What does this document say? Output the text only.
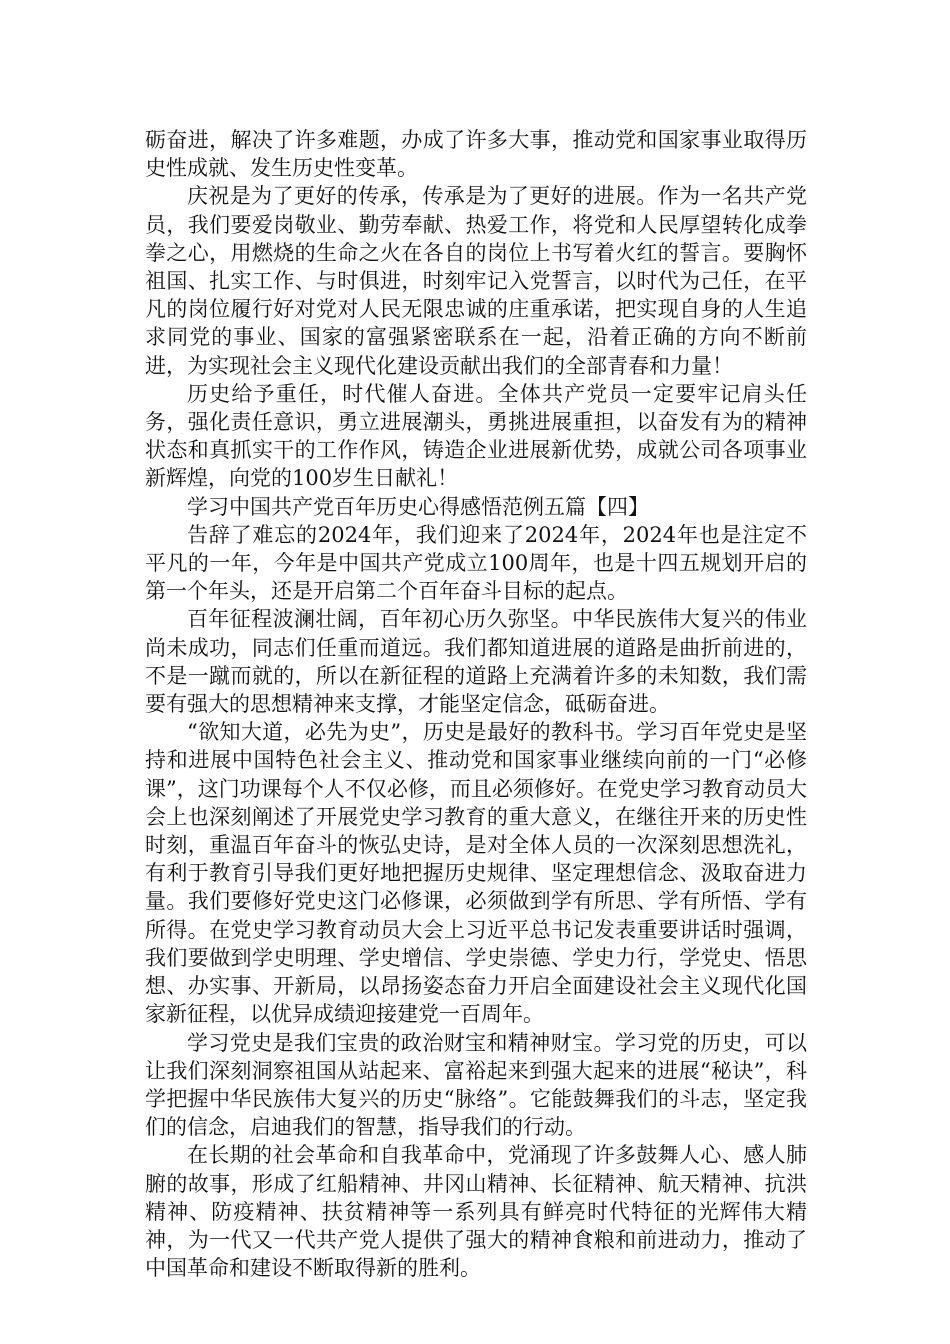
砺奋进，解决了许多难题，办成了许多大事，推动党和国家事业取得历史性成就、发生历史性变革。

庆祝是为了更好的传承，传承是为了更好的进展。作为一名共产党员，我们要爱岗敬业、勤劳奉献、热爱工作，将党和人民厚望转化成拳拳之心，用燃烧的生命之火在各自的岗位上书写着火红的誓言。要胸怀祖国、扎实工作、与时俱进，时刻牢记入党誓言，以时代为己任，在平凡的岗位履行好对党对人民无限忠诚的庄重承诺，把实现自身的人生追求同党的事业、国家的富强紧密联系在一起，沿着正确的方向不断前进，为实现社会主义现代化建设贡献出我们的全部青春和力量！

历史给予重任，时代催人奋进。全体共产党员一定要牢记肩头任务，强化责任意识，勇立进展潮头，勇挑进展重担，以奋发有为的精神状态和真抓实干的工作作风，铸造企业进展新优势，成就公司各项事业新辉煌，向党的100岁生日献礼！

学习中国共产党百年历史心得感悟范例五篇【四】

告辞了难忘的2024年，我们迎来了2024年，2024年也是注定不平凡的一年，今年是中国共产党成立100周年，也是十四五规划开启的第一个年头，还是开启第二个百年奋斗目标的起点。

百年征程波澜壮阔，百年初心历久弥坚。中华民族伟大复兴的伟业尚未成功，同志们任重而道远。我们都知道进展的道路是曲折前进的，不是一蹴而就的，所以在新征程的道路上充满着许多的未知数，我们需要有强大的思想精神来支撑，才能坚定信念，砥砺奋进。

“欲知大道，必先为史”，历史是最好的教科书。学习百年党史是坚持和进展中国特色社会主义、推动党和国家事业继续向前的一门“必修课”，这门功课每个人不仅必修，而且必须修好。在党史学习教育动员大会上也深刻阐述了开展党史学习教育的重大意义，在继往开来的历史性时刻，重温百年奋斗的恢弘史诗，是对全体人员的一次深刻思想洗礼，有利于教育引导我们更好地把握历史规律、坚定理想信念、汲取奋进力量。我们要修好党史这门必修课，必须做到学有所思、学有所悟、学有所得。在党史学习教育动员大会上习近平总书记发表重要讲话时强调，我们要做到学史明理、学史增信、学史崇德、学史力行，学党史、悟思想、办实事、开新局，以昂扬姿态奋力开启全面建设社会主义现代化国家新征程，以优异成绩迎接建党一百周年。

学习党史是我们宝贵的政治财宝和精神财宝。学习党的历史，可以让我们深刻洞察祖国从站起来、富裕起来到强大起来的进展“秘诀”，科学把握中华民族伟大复兴的历史“脉络”。它能鼓舞我们的斗志，坚定我们的信念，启迪我们的智慧，指导我们的行动。

在长期的社会革命和自我革命中，党涌现了许多鼓舞人心、感人肺腑的故事，形成了红船精神、井冈山精神、长征精神、航天精神、抗洪精神、防疫精神、扶贫精神等一系列具有鲜亮时代特征的光辉伟大精神，为一代又一代共产党人提供了强大的精神食粮和前进动力，推动了中国革命和建设不断取得新的胜利。
